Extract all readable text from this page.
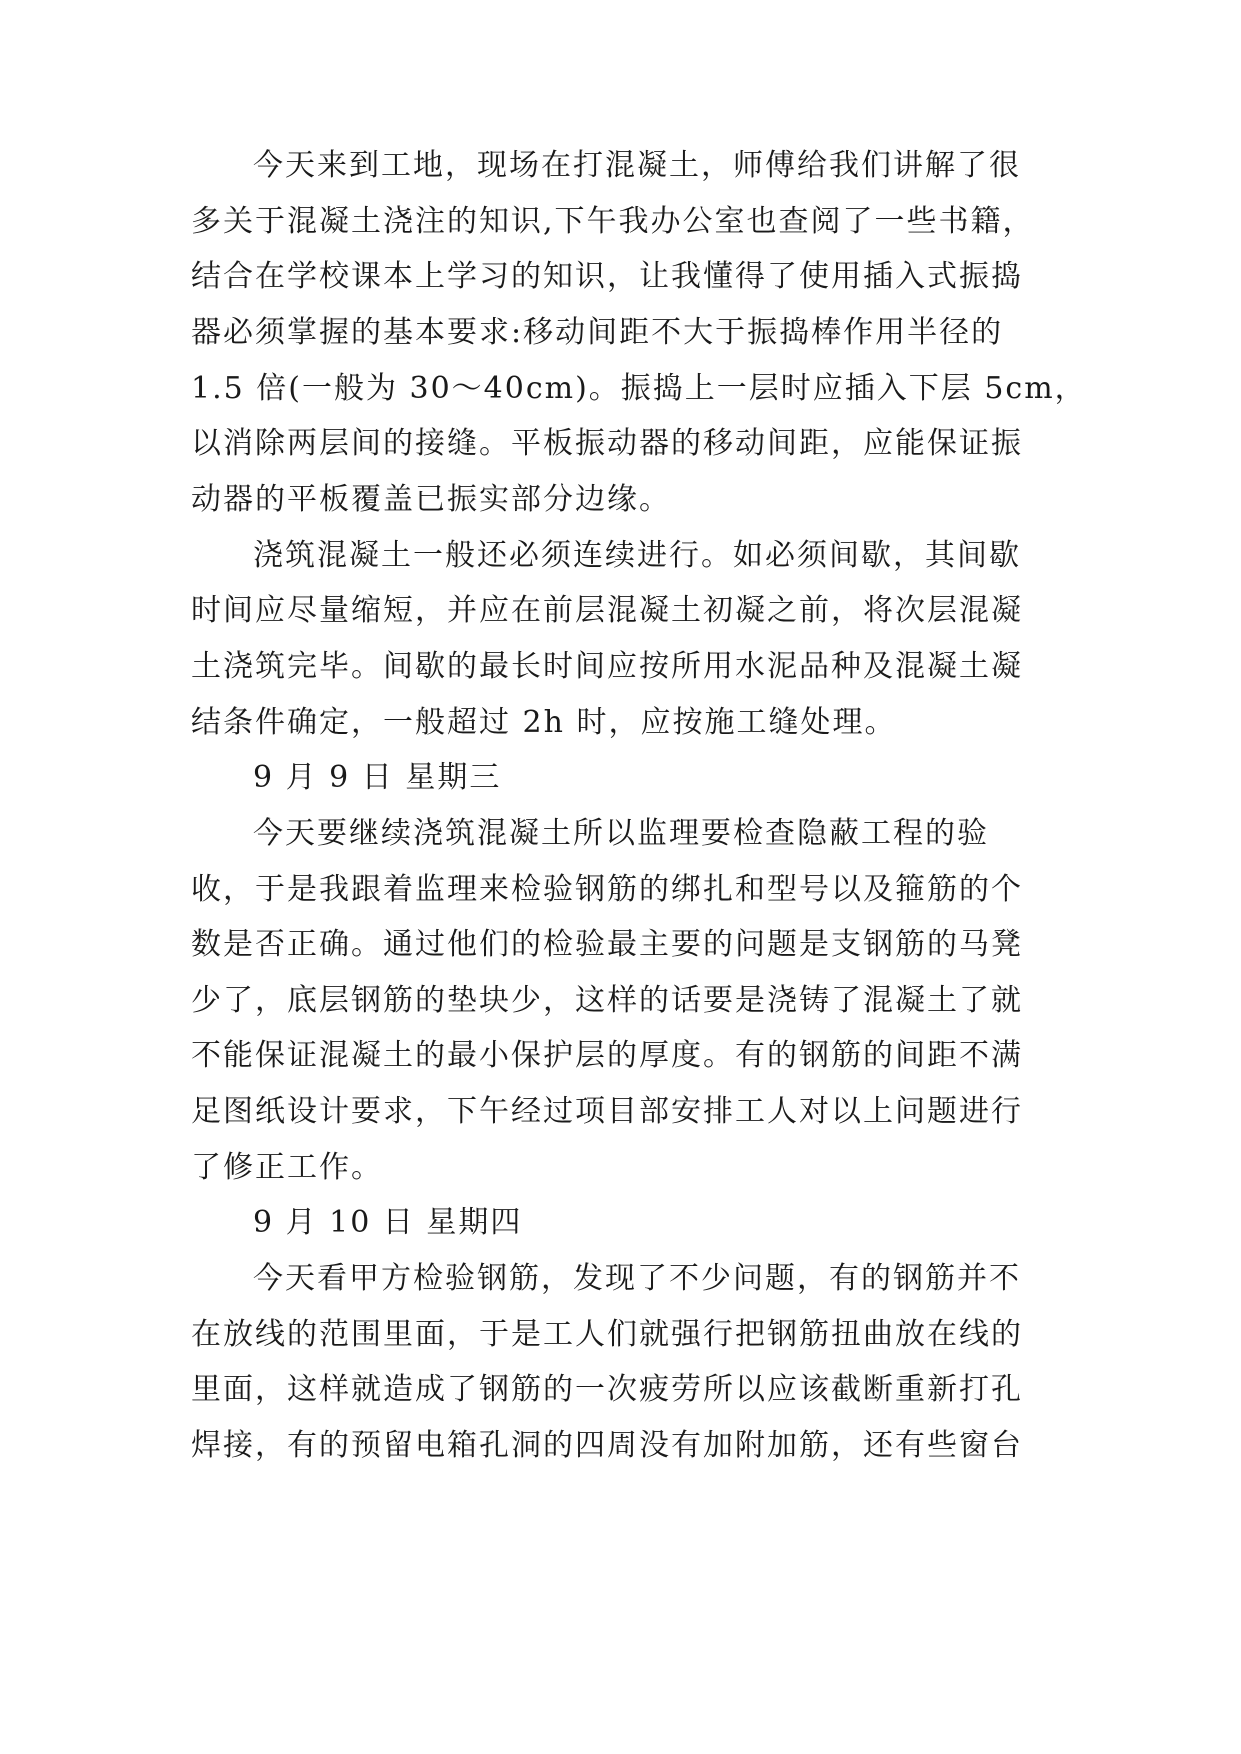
今天来到工地，现场在打混凝土，师傅给我们讲解了很
多关于混凝土浇注的知识,下午我办公室也查阅了一些书籍，
结合在学校课本上学习的知识，让我懂得了使用插入式振捣
器必须掌握的基本要求:移动间距不大于振捣棒作用半径的
1.5 倍(一般为 30～40cm)。振捣上一层时应插入下层 5cm，
以消除两层间的接缝。平板振动器的移动间距，应能保证振
动器的平板覆盖已振实部分边缘。
浇筑混凝土一般还必须连续进行。如必须间歇，其间歇
时间应尽量缩短，并应在前层混凝土初凝之前，将次层混凝
土浇筑完毕。间歇的最长时间应按所用水泥品种及混凝土凝
结条件确定，一般超过 2h 时，应按施工缝处理。
9 月 9 日 星期三
今天要继续浇筑混凝土所以监理要检查隐蔽工程的验
收，于是我跟着监理来检验钢筋的绑扎和型号以及箍筋的个
数是否正确。通过他们的检验最主要的问题是支钢筋的马凳
少了，底层钢筋的垫块少，这样的话要是浇铸了混凝土了就
不能保证混凝土的最小保护层的厚度。有的钢筋的间距不满
足图纸设计要求，下午经过项目部安排工人对以上问题进行
了修正工作。
9 月 10 日 星期四
今天看甲方检验钢筋，发现了不少问题，有的钢筋并不
在放线的范围里面，于是工人们就强行把钢筋扭曲放在线的
里面，这样就造成了钢筋的一次疲劳所以应该截断重新打孔
焊接，有的预留电箱孔洞的四周没有加附加筋，还有些窗台
